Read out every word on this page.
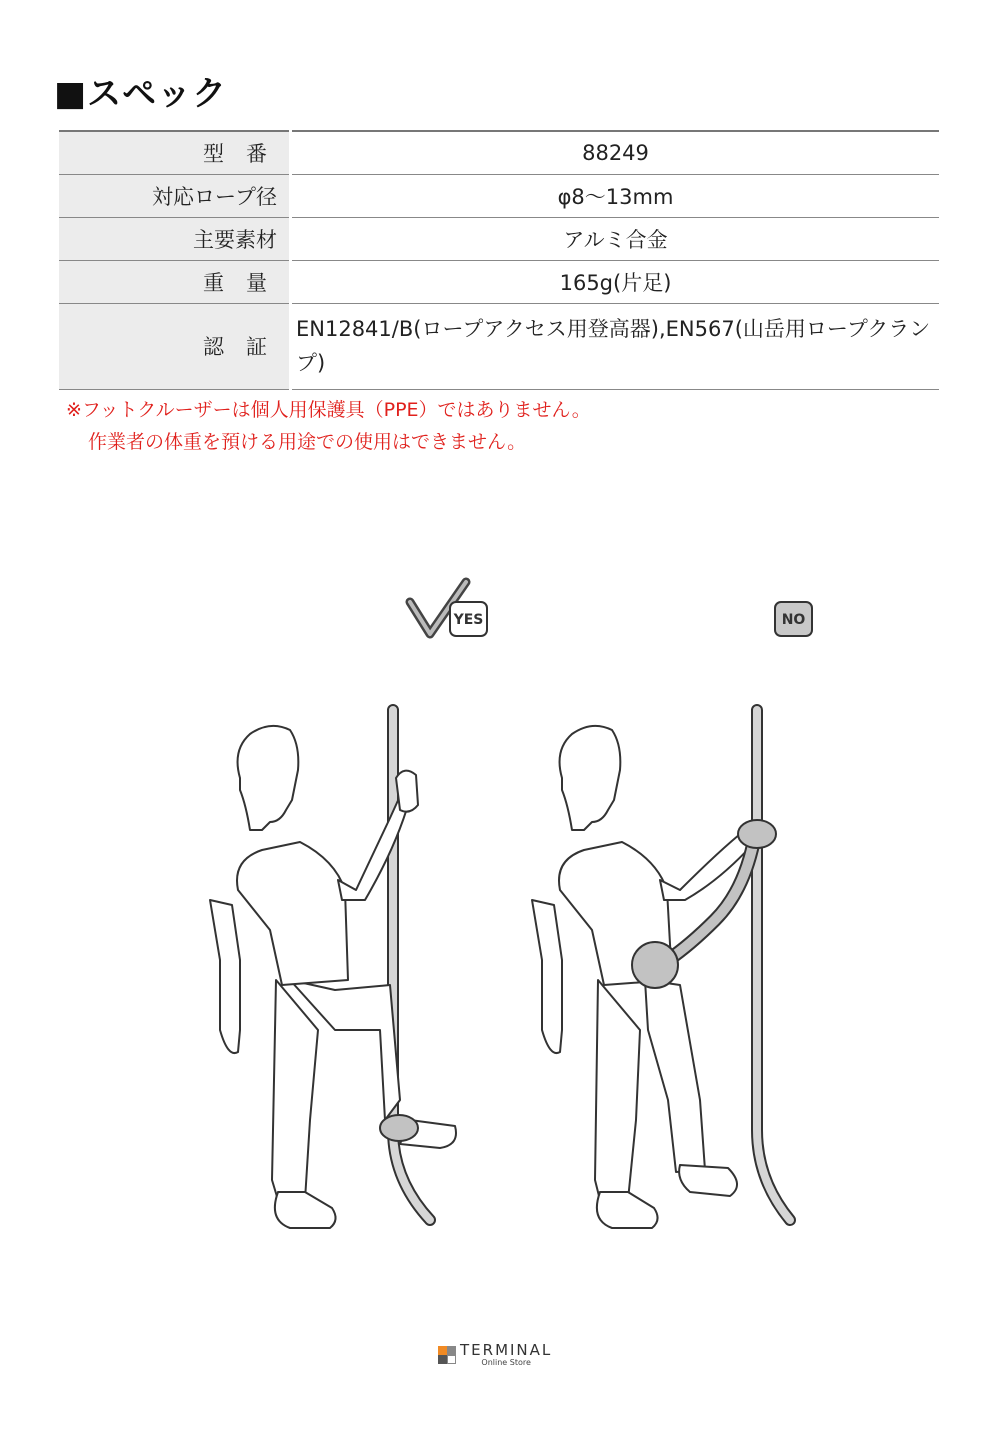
■スペック
型番	88249
対応ロープ径	φ8～13mm
主要素材	アルミ合金
重量	165g(片足)
認証	EN12841/B(ロープアクセス用登高器),EN567(山岳用ロープクランプ)
※フットクルーザーは個人用保護具（PPE）ではありません。
作業者の体重を預ける用途での使用はできません。
YES	NO
TERMINAL
Online Store
